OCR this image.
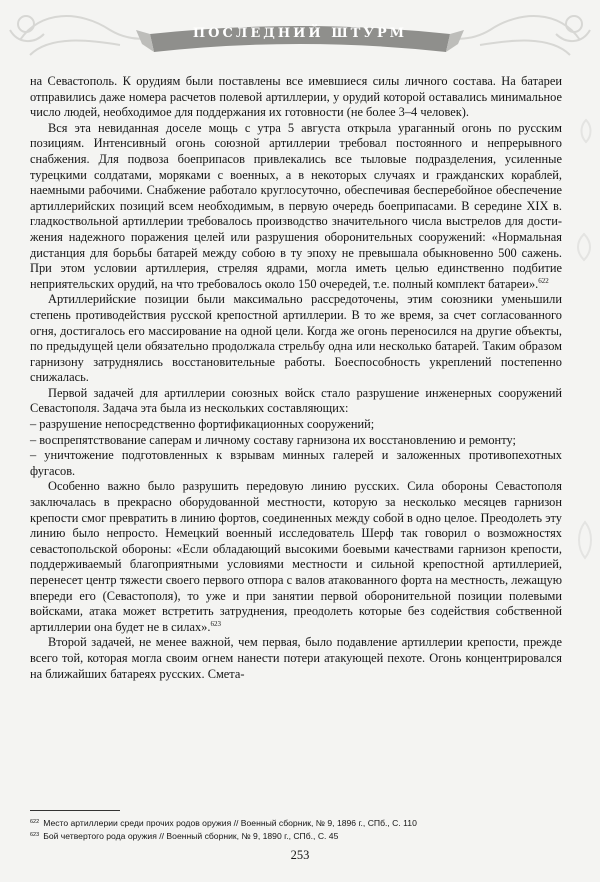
ПОСЛЕДНИЙ ШТУРМ

на Севастополь. К орудиям были поставлены все имевшиеся силы личного состава. На батареи отправились даже номера расчетов полевой артиллерии, у орудий которой оставались минимальное число людей, необходимое для поддержания их готовности (не более 3–4 человек).

Вся эта невиданная доселе мощь с утра 5 августа открыла ураганный огонь по русским позициям. Интенсивный огонь союзной артиллерии требовал постоянного и непрерывного снабжения. Для подвоза боеприпасов привлекались все тыловые подразделения, усиленные турецкими солдатами, моряками с военных, а в некоторых случаях и гражданских кораблей, наемными рабочими. Снабжение работало круглосуточно, обеспечивая бесперебойное обеспечение артиллерийских позиций всем необходимым, в первую очередь боеприпасами. В середине XIX в. гладкоствольной артиллерии требовалось производство значительного числа выстрелов для достижения надежного поражения целей или разрушения оборонительных сооружений: «Нормальная дистанция для борьбы батарей между собою в ту эпоху не превышала обыкновенно 500 сажень. При этом условии артиллерия, стреляя ядрами, могла иметь целью единственно подбитие неприятельских орудий, на что требовалось около 150 очередей, т.е. полный комплект батареи».$^{622}$

Артиллерийские позиции были максимально рассредоточены, этим союзники уменьшили степень противодействия русской крепостной артиллерии. В то же время, за счет согласованного огня, достигалось его массирование на одной цели. Когда же огонь переносился на другие объекты, по предыдущей цели обязательно продолжала стрельбу одна или несколько батарей. Таким образом гарнизону затруднялись восстановительные работы. Боеспособность укреплений постепенно снижалась.

Первой задачей для артиллерии союзных войск стало разрушение инженерных сооружений Севастополя. Задача эта была из нескольких составляющих:

– разрушение непосредственно фортификационных сооружений;

– воспрепятствование саперам и личному составу гарнизона их восстановлению и ремонту;

– уничтожение подготовленных к взрывам минных галерей и заложенных противопехотных фугасов.

Особенно важно было разрушить передовую линию русских. Сила обороны Севастополя заключалась в прекрасно оборудованной местности, которую за несколько месяцев гарнизон крепости смог превратить в линию фортов, соединенных между собой в одно целое. Преодолеть эту линию было непросто. Немецкий военный исследователь Шерф так говорил о возможностях севастопольской обороны: «Если обладающий высокими боевыми качествами гарнизон крепости, поддерживаемый благоприятными условиями местности и сильной крепостной артиллерией, перенесет центр тяжести своего первого отпора с валов атакованного форта на местность, лежащую впереди его (Севастополя), то уже и при занятии первой оборонительной позиции полевыми войсками, атака может встретить затруднения, преодолеть которые без содействия собственной артиллерии она будет не в силах».$^{623}$

Второй задачей, не менее важной, чем первая, было подавление артиллерии крепости, прежде всего той, которая могла своим огнем нанести потери атакующей пехоте. Огонь концентрировался на ближайших батареях русских. Смета-

$^{622}$ Место артиллерии среди прочих родов оружия // Военный сборник, № 9, 1896 г., СПб., С. 110
$^{623}$ Бой четвертого рода оружия // Военный сборник, № 9, 1890 г., СПб., С. 45
253
